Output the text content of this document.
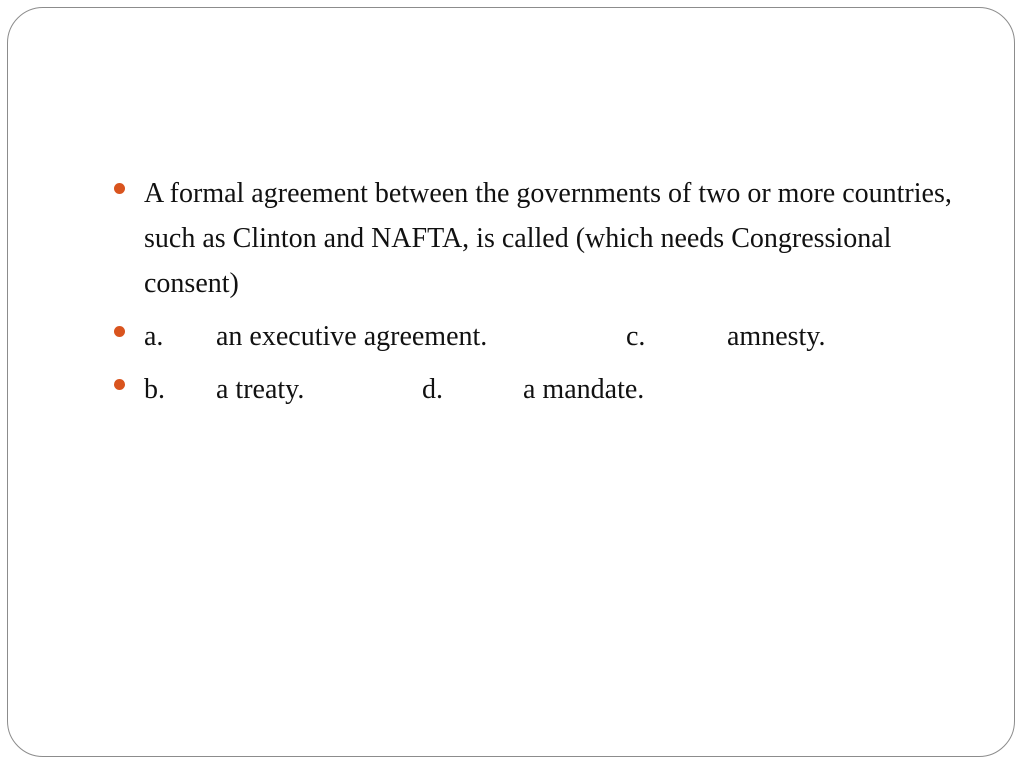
A formal agreement between the governments of two or more countries, such as Clinton and NAFTA, is called (which needs Congressional consent)
a.	an executive agreement.	c.	amnesty.
b.	a treaty.	d.	a mandate.
